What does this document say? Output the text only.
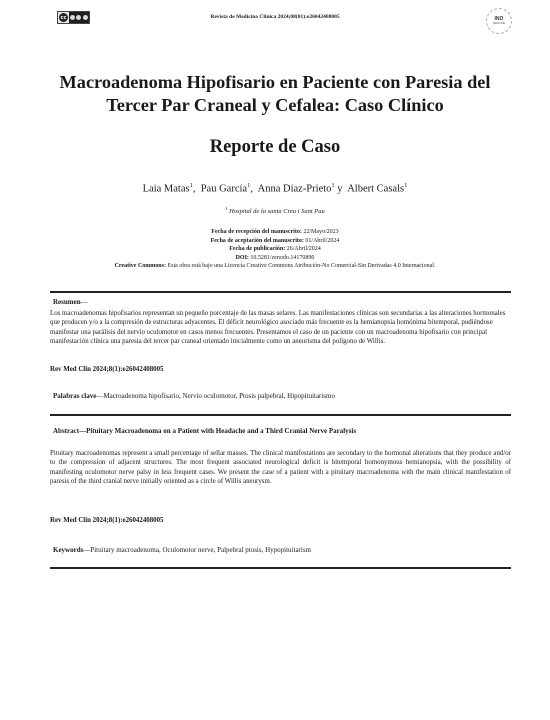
cc	Revista de Medicina Clínica 2024;08(01):e26042408005	INO
MEDICINE
Macroadenoma Hipofisario en Paciente con Paresia del Tercer Par Craneal y Cefalea: Caso Clínico
Reporte de Caso
Laia Matas$^1$,  Pau García$^1$,  Anna Diaz-Prieto$^1$ y  Albert Casals$^1$
$^1$ Hospital de la santa Creu i Sant Pau
Fecha de recepción del manuscrito: 22/Mayo/2023
Fecha de aceptación del manuscrito: 01/Abril/2024
Fecha de publicación: 26/Abril/2024
DOI: 10.5281/zenodo.14170890
Creative Commons: Esta obra está bajo una Licencia Creative Commons Atribución-No Comercial-Sin Derivadas 4.0 Internacional.
Resumen—

Los macroadenomas hipofisarios representan un pequeño porcentaje de las masas selares. Las manifestaciones clínicas son secundarias a las alteraciones hormonales que producen y/o a la compresión de estructuras adyacentes. El déficit neurológico asociado más frecuente es la hemianopsia homónima bitemporal, pudiéndose manifestar una parálisis del nervio oculomotor en casos menos frecuentes. Presentamos el caso de un paciente con un macroadenoma hipofisario con principal manifestación clínica una paresia del tercer par craneal orientado inicialmente como un aneurisma del polígono de Willis.

Rev Med Clin 2024;8(1):e26042408005
Palabras clave—Macroadenoma hipofisario, Nervio oculomotor, Ptosis palpebral, Hipopituitarismo
Abstract—Pituitary Macroadenoma on a Patient with Headache and a Third Cranial Nerve Paralysis

Pituitary macroadenomas represent a small percentage of sellar masses. The clinical manifestations are secondary to the hormonal alterations that they produce and/or to the compression of adjacent structures. The most frequent associated neurological deficit is bitemporal homonymous hemianopsia, with the possibility of manifesting oculomotor nerve palsy in less frequent cases. We present the case of a patient with a pituitary macroadenoma with the main clinical manifestation of paresis of the third cranial nerve initially oriented as a circle of Willis aneurysm.

Rev Med Clin 2024;8(1):e26042408005
Keywords—Pituitary macroadenoma, Oculomotor nerve, Palpebral ptosis, Hypopituitarism
